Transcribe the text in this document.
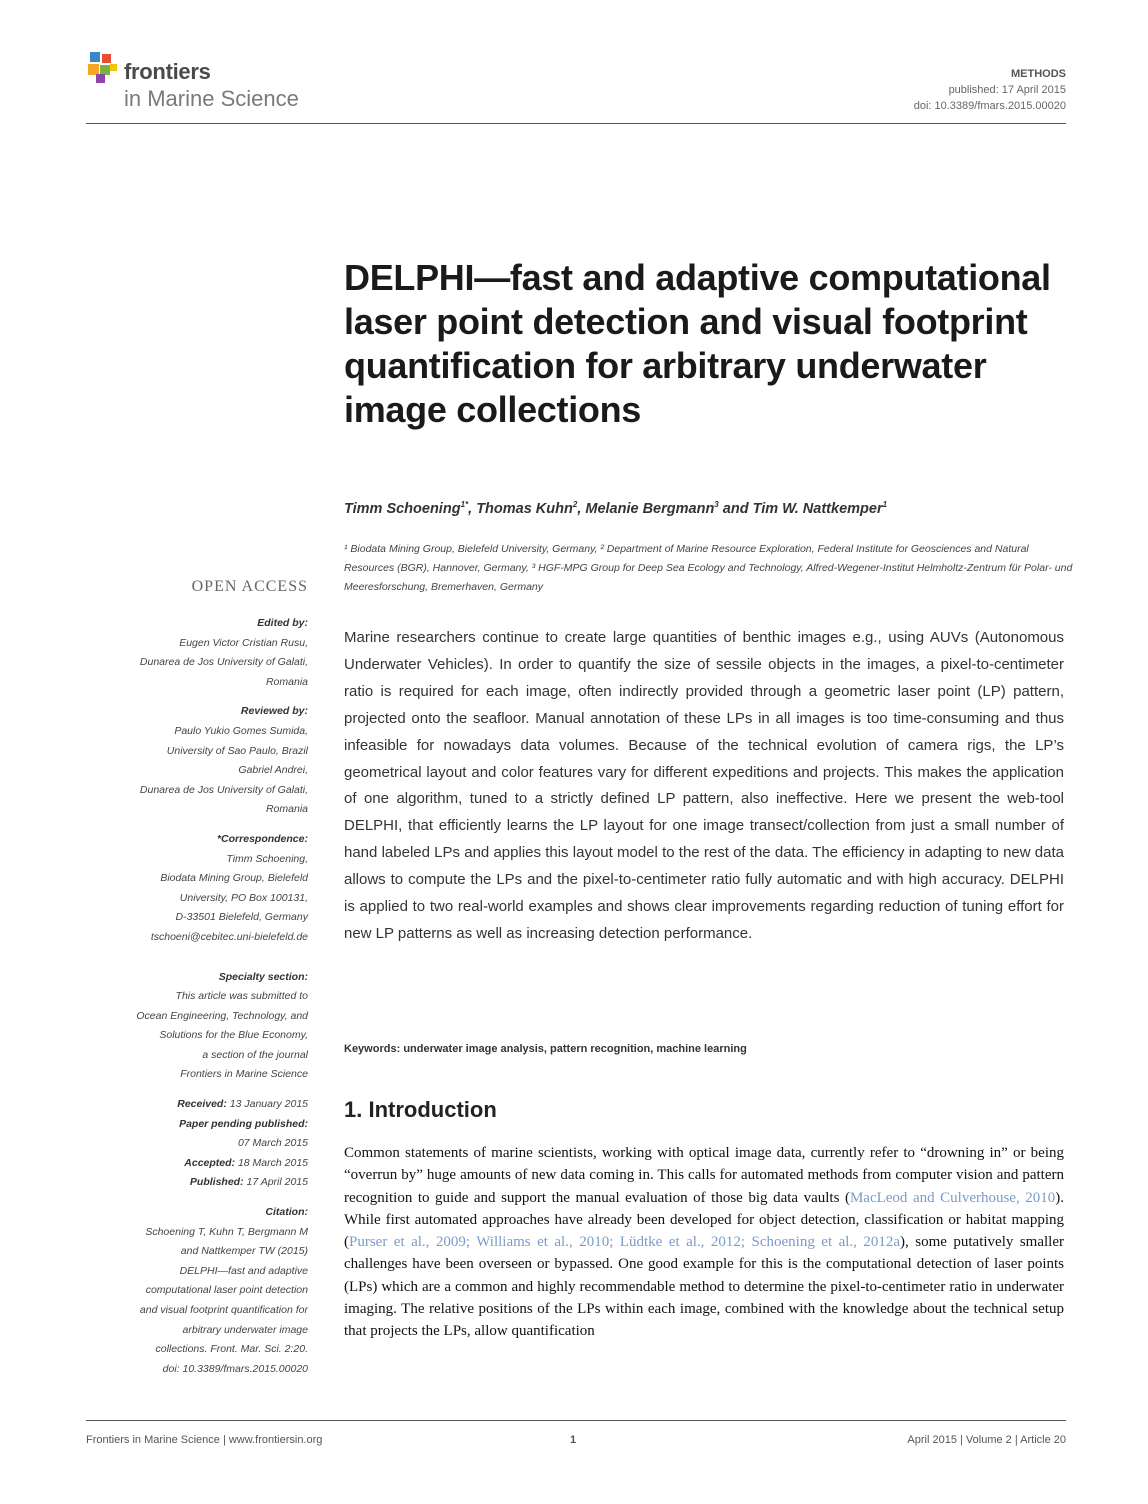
frontiers
in Marine Science
METHODS
published: 17 April 2015
doi: 10.3389/fmars.2015.00020
DELPHI—fast and adaptive computational laser point detection and visual footprint quantification for arbitrary underwater image collections
Timm Schoening$^{1*}$, Thomas Kuhn$^2$, Melanie Bergmann$^3$ and Tim W. Nattkemper$^1$
¹ Biodata Mining Group, Bielefeld University, Germany, ² Department of Marine Resource Exploration, Federal Institute for Geosciences and Natural Resources (BGR), Hannover, Germany, ³ HGF-MPG Group for Deep Sea Ecology and Technology, Alfred-Wegener-Institut Helmholtz-Zentrum für Polar- und Meeresforschung, Bremerhaven, Germany
OPEN ACCESS
Edited by:
Eugen Victor Cristian Rusu,
Dunarea de Jos University of Galati,
Romania
Reviewed by:
Paulo Yukio Gomes Sumida,
University of Sao Paulo, Brazil
Gabriel Andrei,
Dunarea de Jos University of Galati,
Romania
*Correspondence:
Timm Schoening,
Biodata Mining Group, Bielefeld
University, PO Box 100131,
D-33501 Bielefeld, Germany
tschoeni@cebitec.uni-bielefeld.de
Specialty section:
This article was submitted to
Ocean Engineering, Technology, and
Solutions for the Blue Economy,
a section of the journal
Frontiers in Marine Science
Received: 13 January 2015
Paper pending published:
07 March 2015
Accepted: 18 March 2015
Published: 17 April 2015
Citation:
Schoening T, Kuhn T, Bergmann M
and Nattkemper TW (2015)
DELPHI—fast and adaptive
computational laser point detection
and visual footprint quantification for
arbitrary underwater image
collections. Front. Mar. Sci. 2:20.
doi: 10.3389/fmars.2015.00020
Marine researchers continue to create large quantities of benthic images e.g., using AUVs (Autonomous Underwater Vehicles). In order to quantify the size of sessile objects in the images, a pixel-to-centimeter ratio is required for each image, often indirectly provided through a geometric laser point (LP) pattern, projected onto the seafloor. Manual annotation of these LPs in all images is too time-consuming and thus infeasible for nowadays data volumes. Because of the technical evolution of camera rigs, the LP’s geometrical layout and color features vary for different expeditions and projects. This makes the application of one algorithm, tuned to a strictly defined LP pattern, also ineffective. Here we present the web-tool DELPHI, that efficiently learns the LP layout for one image transect/collection from just a small number of hand labeled LPs and applies this layout model to the rest of the data. The efficiency in adapting to new data allows to compute the LPs and the pixel-to-centimeter ratio fully automatic and with high accuracy. DELPHI is applied to two real-world examples and shows clear improvements regarding reduction of tuning effort for new LP patterns as well as increasing detection performance.
Keywords: underwater image analysis, pattern recognition, machine learning
1. Introduction
Common statements of marine scientists, working with optical image data, currently refer to “drowning in” or being “overrun by” huge amounts of new data coming in. This calls for automated methods from computer vision and pattern recognition to guide and support the manual evaluation of those big data vaults (MacLeod and Culverhouse, 2010). While first automated approaches have already been developed for object detection, classification or habitat mapping (Purser et al., 2009; Williams et al., 2010; Lüdtke et al., 2012; Schoening et al., 2012a), some putatively smaller challenges have been overseen or bypassed. One good example for this is the computational detection of laser points (LPs) which are a common and highly recommendable method to determine the pixel-to-centimeter ratio in underwater imaging. The relative positions of the LPs within each image, combined with the knowledge about the technical setup that projects the LPs, allow quantification
Frontiers in Marine Science | www.frontiersin.org	1	April 2015 | Volume 2 | Article 20
